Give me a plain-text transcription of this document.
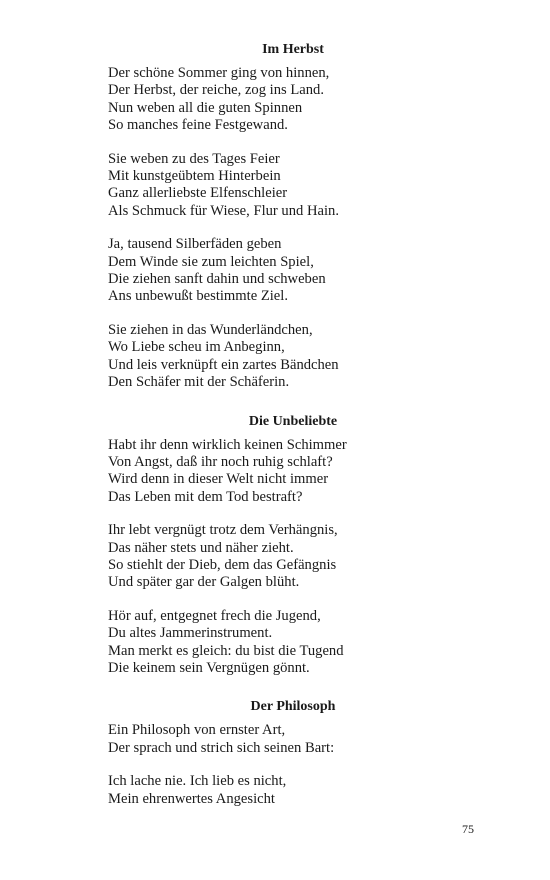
Im Herbst
Der schöne Sommer ging von hinnen,
Der Herbst, der reiche, zog ins Land.
Nun weben all die guten Spinnen
So manches feine Festgewand.
Sie weben zu des Tages Feier
Mit kunstgeübtem Hinterbein
Ganz allerliebste Elfenschleier
Als Schmuck für Wiese, Flur und Hain.
Ja, tausend Silberfäden geben
Dem Winde sie zum leichten Spiel,
Die ziehen sanft dahin und schweben
Ans unbewußt bestimmte Ziel.
Sie ziehen in das Wunderländchen,
Wo Liebe scheu im Anbeginn,
Und leis verknüpft ein zartes Bändchen
Den Schäfer mit der Schäferin.
Die Unbeliebte
Habt ihr denn wirklich keinen Schimmer
Von Angst, daß ihr noch ruhig schlaft?
Wird denn in dieser Welt nicht immer
Das Leben mit dem Tod bestraft?
Ihr lebt vergnügt trotz dem Verhängnis,
Das näher stets und näher zieht.
So stiehlt der Dieb, dem das Gefängnis
Und später gar der Galgen blüht.
Hör auf, entgegnet frech die Jugend,
Du altes Jammerinstrument.
Man merkt es gleich: du bist die Tugend
Die keinem sein Vergnügen gönnt.
Der Philosoph
Ein Philosoph von ernster Art,
Der sprach und strich sich seinen Bart:
Ich lache nie. Ich lieb es nicht,
Mein ehrenwertes Angesicht
75
